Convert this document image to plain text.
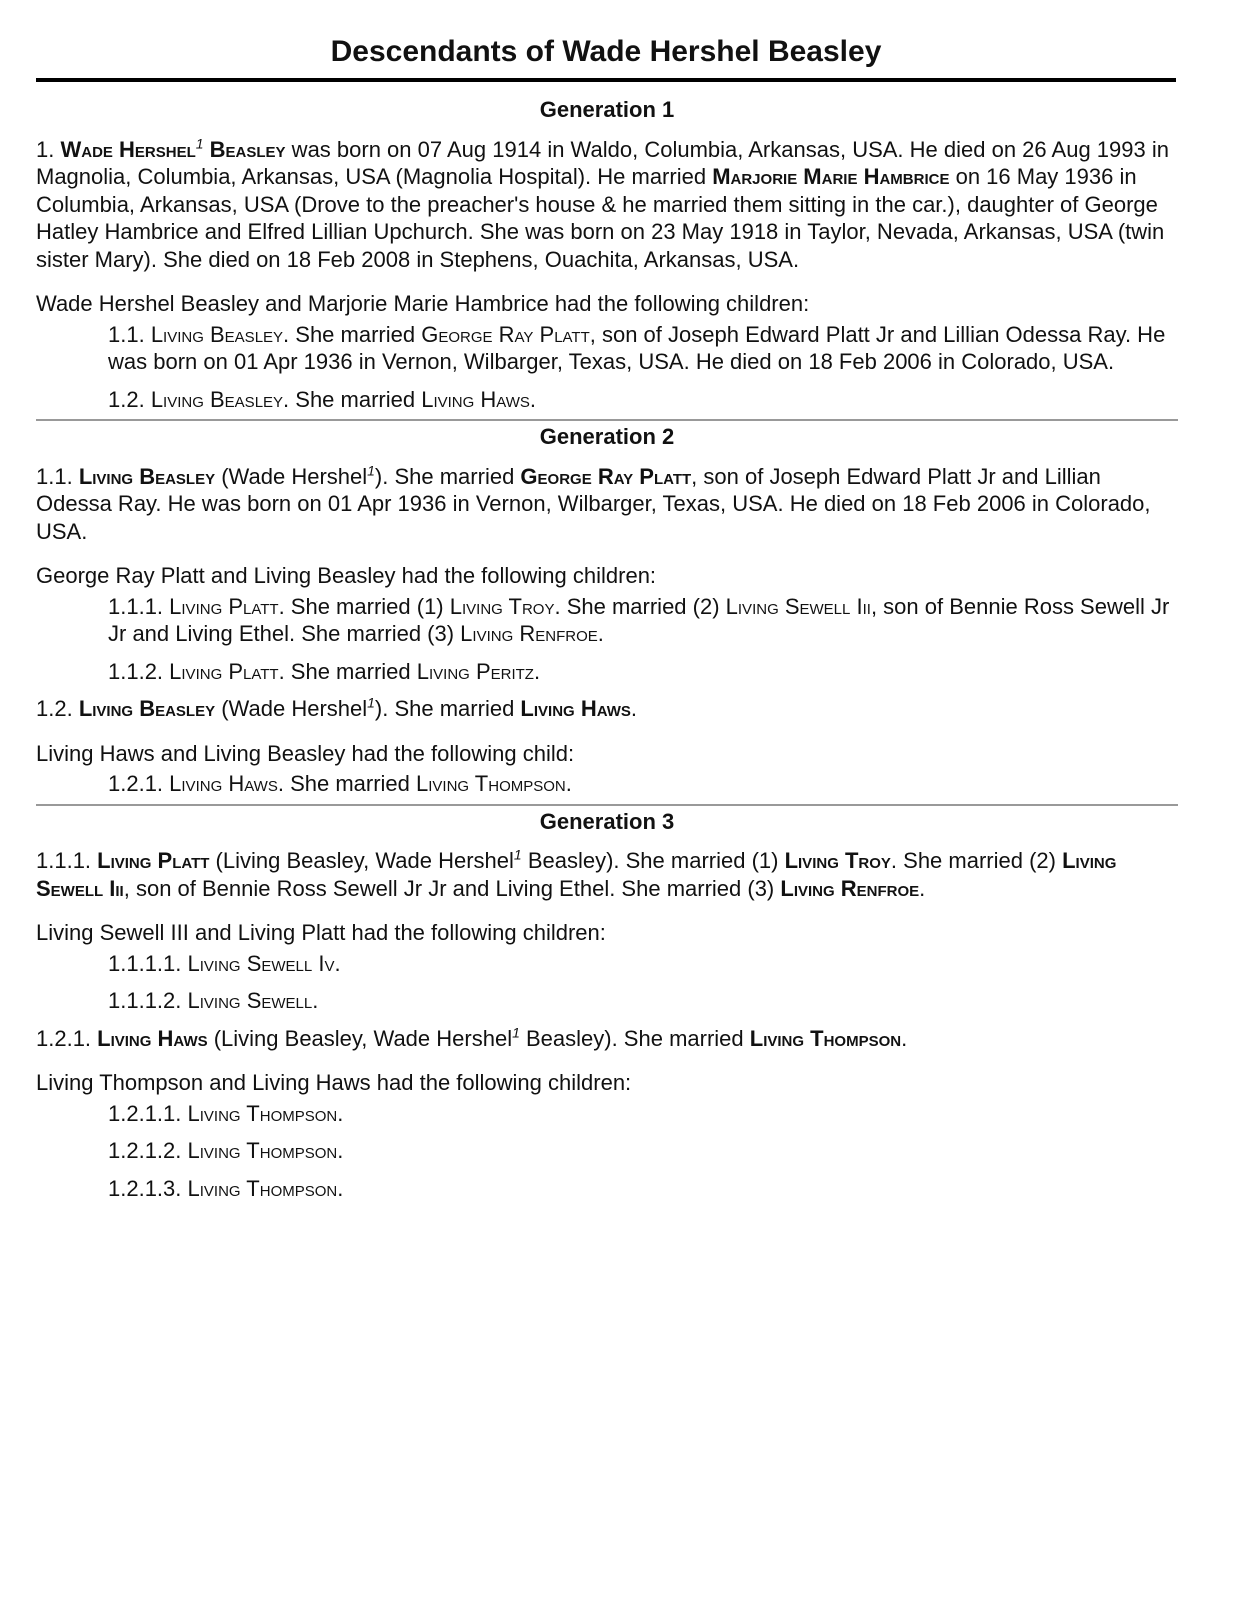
Descendants of Wade Hershel Beasley
Generation 1
1. Wade Hershel$^1$ Beasley was born on 07 Aug 1914 in Waldo, Columbia, Arkansas, USA. He died on 26 Aug 1993 in Magnolia, Columbia, Arkansas, USA (Magnolia Hospital). He married Marjorie Marie Hambrice on 16 May 1936 in Columbia, Arkansas, USA (Drove to the preacher's house & he married them sitting in the car.), daughter of George Hatley Hambrice and Elfred Lillian Upchurch. She was born on 23 May 1918 in Taylor, Nevada, Arkansas, USA (twin sister Mary). She died on 18 Feb 2008 in Stephens, Ouachita, Arkansas, USA.
Wade Hershel Beasley and Marjorie Marie Hambrice had the following children:
1.1. Living Beasley. She married George Ray Platt, son of Joseph Edward Platt Jr and Lillian Odessa Ray. He was born on 01 Apr 1936 in Vernon, Wilbarger, Texas, USA. He died on 18 Feb 2006 in Colorado, USA.
1.2. Living Beasley. She married Living Haws.
Generation 2
1.1. Living Beasley (Wade Hershel$^1$). She married George Ray Platt, son of Joseph Edward Platt Jr and Lillian Odessa Ray. He was born on 01 Apr 1936 in Vernon, Wilbarger, Texas, USA. He died on 18 Feb 2006 in Colorado, USA.
George Ray Platt and Living Beasley had the following children:
1.1.1. Living Platt. She married (1) Living Troy. She married (2) Living Sewell Iii, son of Bennie Ross Sewell Jr Jr and Living Ethel. She married (3) Living Renfroe.
1.1.2. Living Platt. She married Living Peritz.
1.2. Living Beasley (Wade Hershel$^1$). She married Living Haws.
Living Haws and Living Beasley had the following child:
1.2.1. Living Haws. She married Living Thompson.
Generation 3
1.1.1. Living Platt (Living Beasley, Wade Hershel$^1$ Beasley). She married (1) Living Troy. She married (2) Living Sewell Iii, son of Bennie Ross Sewell Jr Jr and Living Ethel. She married (3) Living Renfroe.
Living Sewell III and Living Platt had the following children:
1.1.1.1. Living Sewell Iv.
1.1.1.2. Living Sewell.
1.2.1. Living Haws (Living Beasley, Wade Hershel$^1$ Beasley). She married Living Thompson.
Living Thompson and Living Haws had the following children:
1.2.1.1. Living Thompson.
1.2.1.2. Living Thompson.
1.2.1.3. Living Thompson.
